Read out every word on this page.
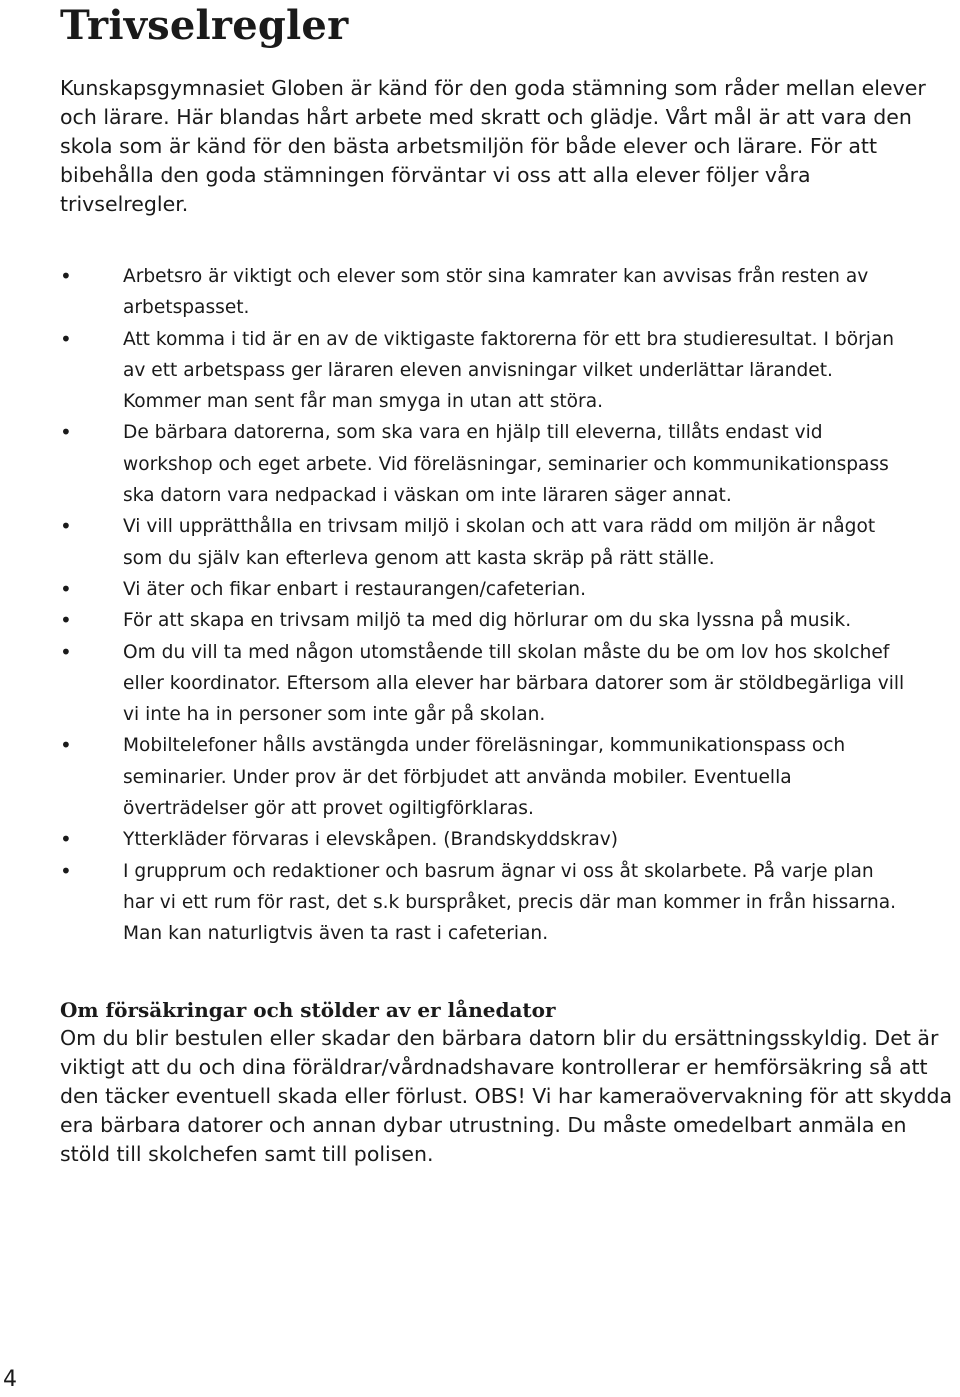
Trivselregler

Kunskapsgymnasiet Globen är känd för den goda stämning som råder mellan elever och lärare. Här blandas hårt arbete med skratt och glädje. Vårt mål är att vara den skola som är känd för den bästa arbetsmiljön för både elever och lärare. För att bibehålla den goda stämningen förväntar vi oss att alla elever följer våra trivselregler.

•	Arbetsro är viktigt och elever som stör sina kamrater kan avvisas från resten av arbetspasset.
•	Att komma i tid är en av de viktigaste faktorerna för ett bra studieresultat. I början av ett arbetspass ger läraren eleven anvisningar vilket underlättar lärandet. Kommer man sent får man smyga in utan att störa.
•	De bärbara datorerna, som ska vara en hjälp till eleverna, tillåts endast vid workshop och eget arbete. Vid föreläsningar, seminarier och kommunikationspass ska datorn vara nedpackad i väskan om inte läraren säger annat.
•	Vi vill upprätthålla en trivsam miljö i skolan och att vara rädd om miljön är något som du själv kan efterleva genom att kasta skräp på rätt ställe.
•	Vi äter och fikar enbart i restaurangen/cafeterian.
•	För att skapa en trivsam miljö ta med dig hörlurar om du ska lyssna på musik.
•	Om du vill ta med någon utomstående till skolan måste du be om lov hos skolchef eller koordinator. Eftersom alla elever har bärbara datorer som är stöldbegärliga vill vi inte ha in personer som inte går på skolan.
•	Mobiltelefoner hålls avstängda under föreläsningar, kommunikationspass och seminarier. Under prov är det förbjudet att använda mobiler. Eventuella överträdelser gör att provet ogiltigförklaras.
•	Ytterkläder förvaras i elevskåpen. (Brandskyddskrav)
•	I grupprum och redaktioner och basrum ägnar vi oss åt skolarbete. På varje plan har vi ett rum för rast, det s.k burspråket, precis där man kommer in från hissarna. Man kan naturligtvis även ta rast i cafeterian.
Om försäkringar och stölder av er lånedator

Om du blir bestulen eller skadar den bärbara datorn blir du ersättningsskyldig. Det är viktigt att du och dina föräldrar/vårdnadshavare kontrollerar er hemförsäkring så att den täcker eventuell skada eller förlust. OBS! Vi har kameraövervakning för att skydda era bärbara datorer och annan dybar utrustning. Du måste omedelbart anmäla en stöld till skolchefen samt till polisen.

4
